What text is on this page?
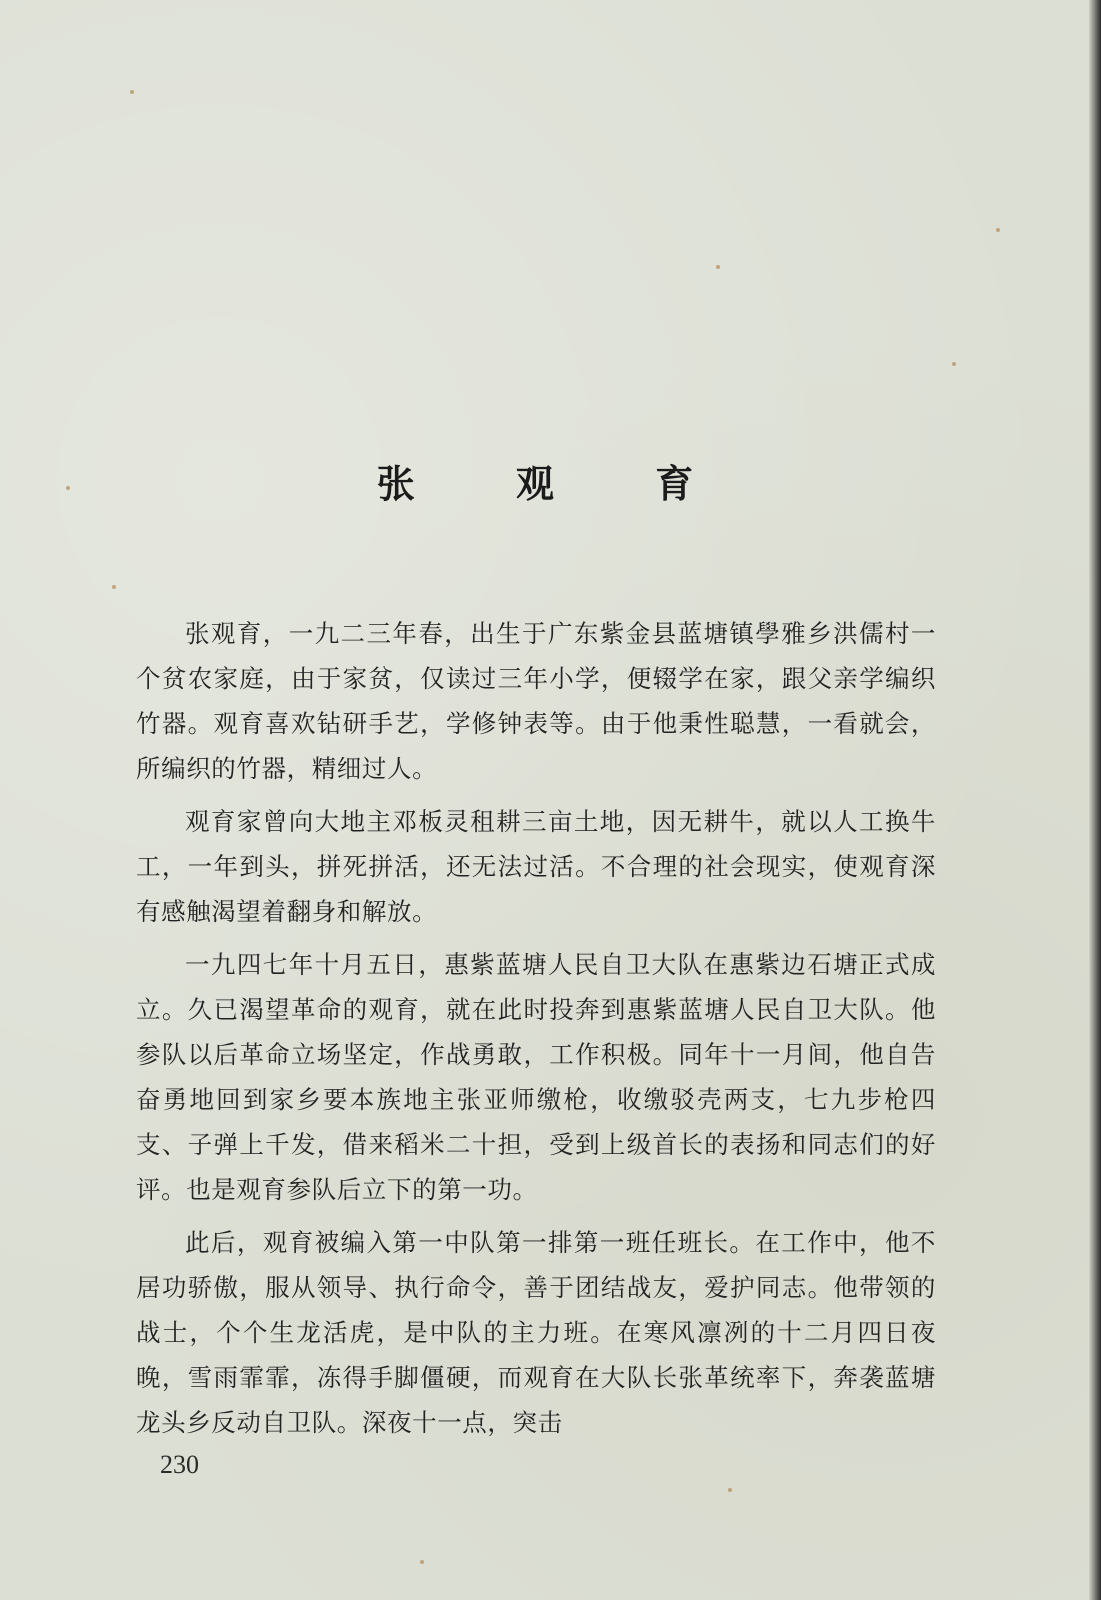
张 观 育

张观育，一九二三年春，出生于广东紫金县蓝塘镇學雅乡洪儒村一个贫农家庭，由于家贫，仅读过三年小学，便辍学在家，跟父亲学编织竹器。观育喜欢钻研手艺，学修钟表等。由于他秉性聪慧，一看就会，所编织的竹器，精细过人。

观育家曾向大地主邓板灵租耕三亩土地，因无耕牛，就以人工换牛工，一年到头，拼死拼活，还无法过活。不合理的社会现实，使观育深有感触渴望着翻身和解放。

一九四七年十月五日，惠紫蓝塘人民自卫大队在惠紫边石塘正式成立。久已渴望革命的观育，就在此时投奔到惠紫蓝塘人民自卫大队。他参队以后革命立场坚定，作战勇敢，工作积极。同年十一月间，他自告奋勇地回到家乡要本族地主张亚师缴枪，收缴驳壳两支，七九步枪四支、子弹上千发，借来稻米二十担，受到上级首长的表扬和同志们的好评。也是观育参队后立下的第一功。

此后，观育被编入第一中队第一排第一班任班长。在工作中，他不居功骄傲，服从领导、执行命令，善于团结战友，爱护同志。他带领的战士，个个生龙活虎，是中队的主力班。在寒风凛冽的十二月四日夜晚，雪雨霏霏，冻得手脚僵硬，而观育在大队长张革统率下，奔袭蓝塘龙头乡反动自卫队。深夜十一点，突击

230
